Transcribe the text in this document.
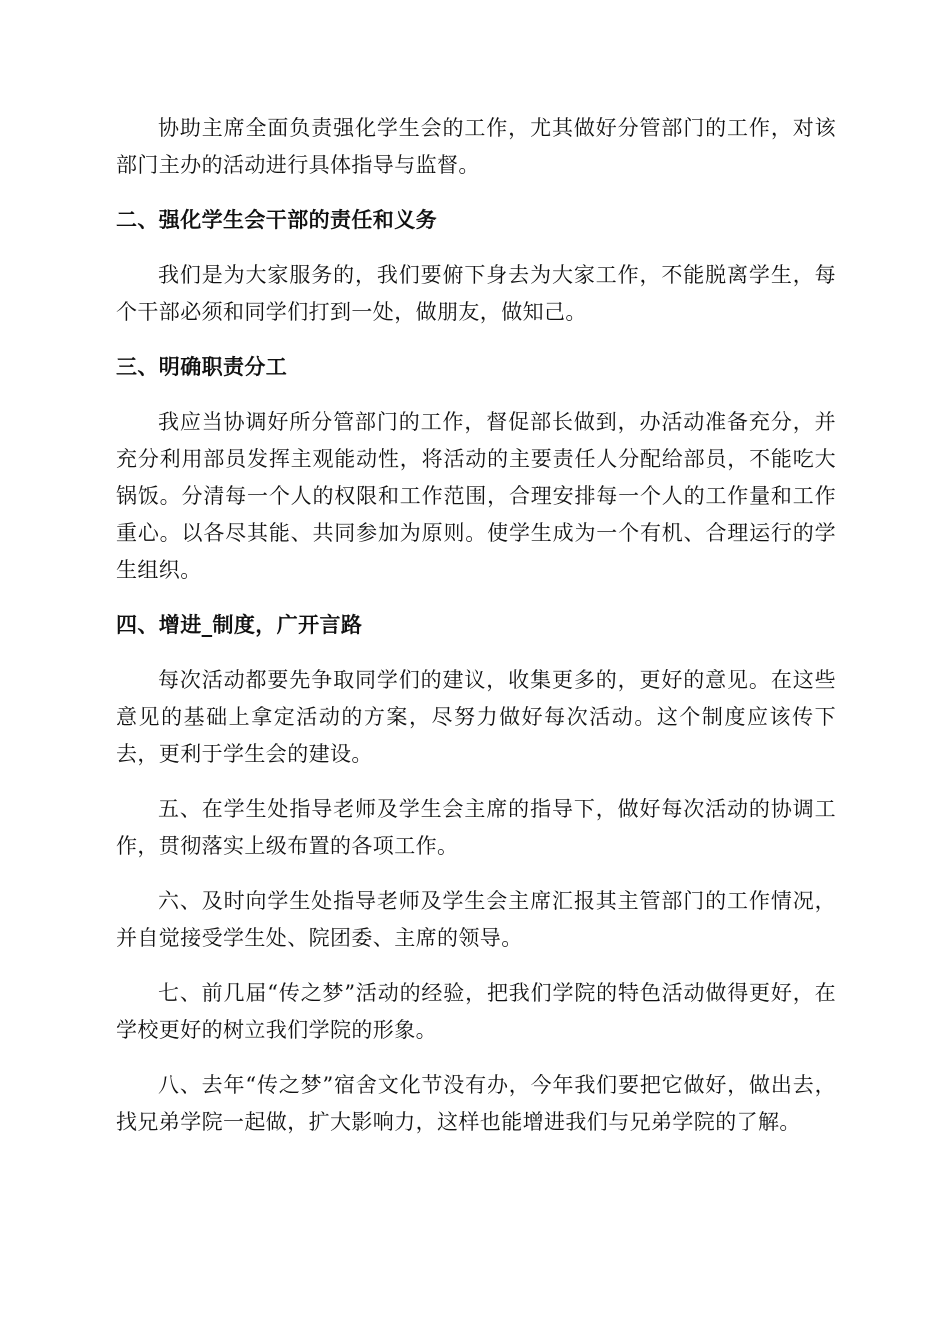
协助主席全面负责强化学生会的工作，尤其做好分管部门的工作，对该部门主办的活动进行具体指导与监督。

二、强化学生会干部的责任和义务

我们是为大家服务的，我们要俯下身去为大家工作，不能脱离学生，每个干部必须和同学们打到一处，做朋友，做知己。

三、明确职责分工

我应当协调好所分管部门的工作，督促部长做到，办活动准备充分，并充分利用部员发挥主观能动性，将活动的主要责任人分配给部员，不能吃大锅饭。分清每一个人的权限和工作范围，合理安排每一个人的工作量和工作重心。以各尽其能、共同参加为原则。使学生成为一个有机、合理运行的学生组织。

四、增进_制度，广开言路

每次活动都要先争取同学们的建议，收集更多的，更好的意见。在这些意见的基础上拿定活动的方案，尽努力做好每次活动。这个制度应该传下去，更利于学生会的建设。

五、在学生处指导老师及学生会主席的指导下，做好每次活动的协调工作，贯彻落实上级布置的各项工作。

六、及时向学生处指导老师及学生会主席汇报其主管部门的工作情况，并自觉接受学生处、院团委、主席的领导。

七、前几届“传之梦”活动的经验，把我们学院的特色活动做得更好，在学校更好的树立我们学院的形象。

八、去年“传之梦”宿舍文化节没有办，今年我们要把它做好，做出去，找兄弟学院一起做，扩大影响力，这样也能增进我们与兄弟学院的了解。
